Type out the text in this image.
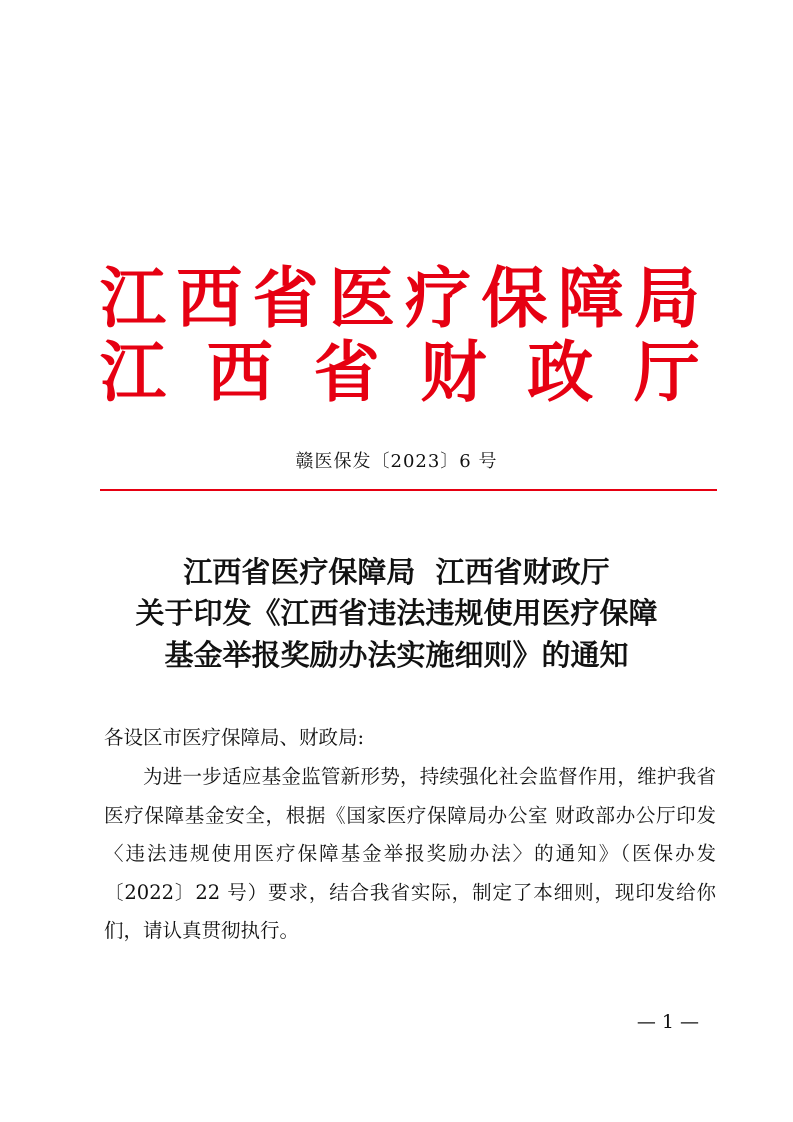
江 西 省 医 疗 保 障 局
江 西 省 财 政 厅
赣医保发〔2023〕6 号
江西省医疗保障局  江西省财政厅
关于印发《江西省违法违规使用医疗保障
基金举报奖励办法实施细则》的通知
各设区市医疗保障局、财政局:
为进一步适应基金监管新形势，持续强化社会监督作用，维护我省医疗保障基金安全，根据《国家医疗保障局办公室 财政部办公厅印发〈违法违规使用医疗保障基金举报奖励办法〉的通知》（医保办发〔2022〕22 号）要求，结合我省实际，制定了本细则，现印发给你们，请认真贯彻执行。
— 1 —
